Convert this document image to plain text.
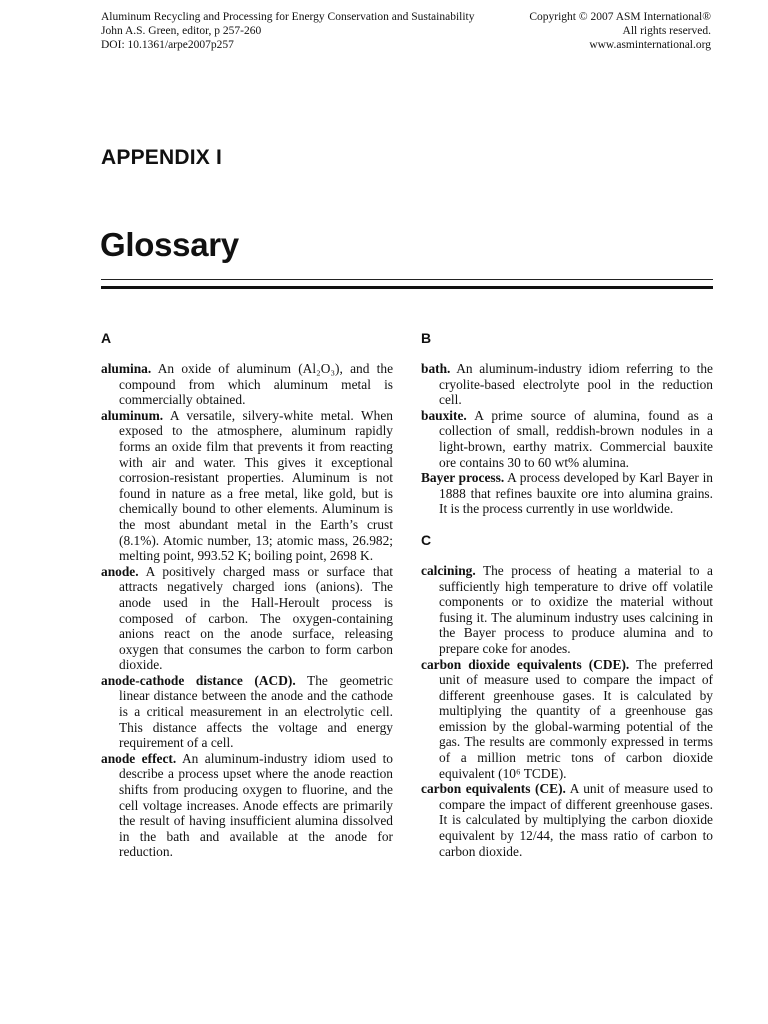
Aluminum Recycling and Processing for Energy Conservation and Sustainability
John A.S. Green, editor, p 257-260
DOI: 10.1361/arpe2007p257
Copyright © 2007 ASM International®
All rights reserved.
www.asminternational.org
APPENDIX I
Glossary
A

alumina. An oxide of aluminum (Al₂O₃), and the compound from which aluminum metal is commercially obtained.

aluminum. A versatile, silvery-white metal. When exposed to the atmosphere, aluminum rapidly forms an oxide film that prevents it from reacting with air and water. This gives it exceptional corrosion-resistant properties. Aluminum is not found in nature as a free metal, like gold, but is chemically bound to other elements. Aluminum is the most abundant metal in the Earth’s crust (8.1%). Atomic number, 13; atomic mass, 26.982; melting point, 993.52 K; boiling point, 2698 K.

anode. A positively charged mass or surface that attracts negatively charged ions (anions). The anode used in the Hall-Heroult process is composed of carbon. The oxygen-containing anions react on the anode surface, releasing oxygen that consumes the carbon to form carbon dioxide.

anode-cathode distance (ACD). The geometric linear distance between the anode and the cathode is a critical measurement in an electrolytic cell. This distance affects the voltage and energy requirement of a cell.

anode effect. An aluminum-industry idiom used to describe a process upset where the anode reaction shifts from producing oxygen to fluorine, and the cell voltage increases. Anode effects are primarily the result of having insufficient alumina dissolved in the bath and available at the anode for reduction.

B

bath. An aluminum-industry idiom referring to the cryolite-based electrolyte pool in the reduction cell.

bauxite. A prime source of alumina, found as a collection of small, reddish-brown nodules in a light-brown, earthy matrix. Commercial bauxite ore contains 30 to 60 wt% alumina.

Bayer process. A process developed by Karl Bayer in 1888 that refines bauxite ore into alumina grains. It is the process currently in use worldwide.

C

calcining. The process of heating a material to a sufficiently high temperature to drive off volatile components or to oxidize the material without fusing it. The aluminum industry uses calcining in the Bayer process to produce alumina and to prepare coke for anodes.

carbon dioxide equivalents (CDE). The preferred unit of measure used to compare the impact of different greenhouse gases. It is calculated by multiplying the quantity of a greenhouse gas emission by the global-warming potential of the gas. The results are commonly expressed in terms of a million metric tons of carbon dioxide equivalent (10⁶ TCDE).

carbon equivalents (CE). A unit of measure used to compare the impact of different greenhouse gases. It is calculated by multiplying the carbon dioxide equivalent by 12/44, the mass ratio of carbon to carbon dioxide.
